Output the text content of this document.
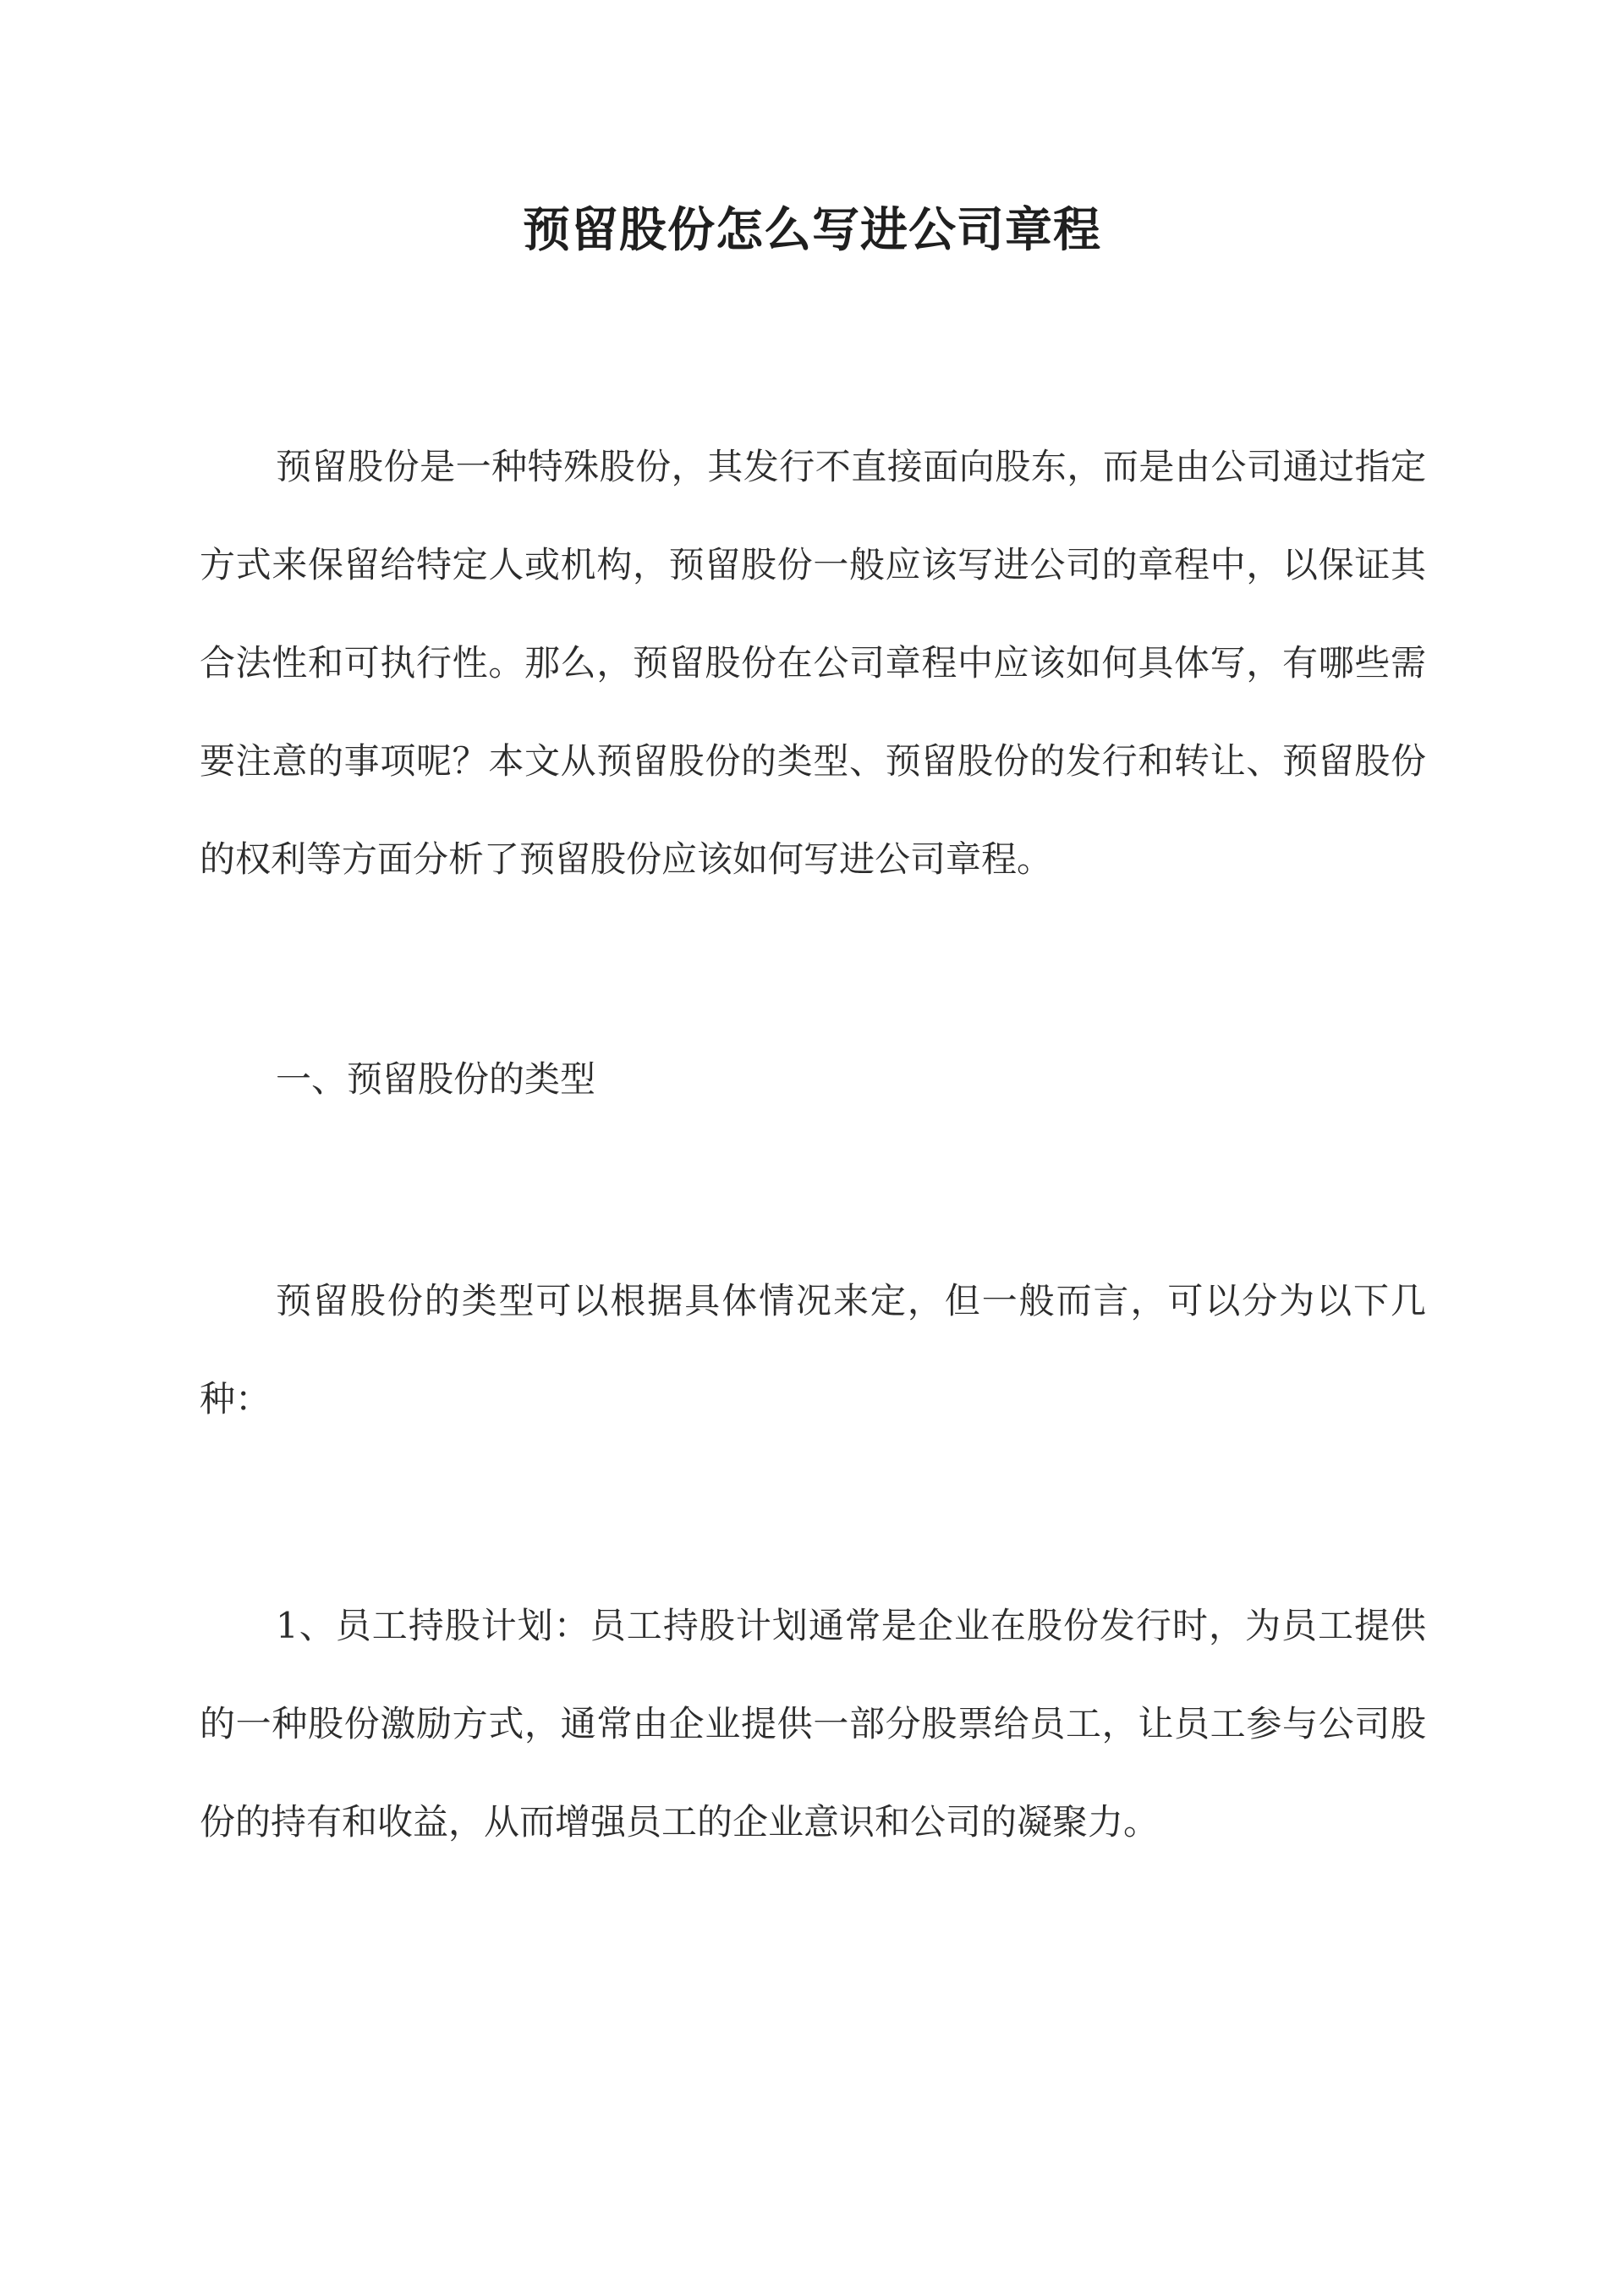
预留股份怎么写进公司章程

预留股份是一种特殊股份，其发行不直接面向股东，而是由公司通过指定方式来保留给特定人或机构，预留股份一般应该写进公司的章程中，以保证其合法性和可执行性。那么，预留股份在公司章程中应该如何具体写，有哪些需要注意的事项呢？本文从预留股份的类型、预留股份的发行和转让、预留股份的权利等方面分析了预留股份应该如何写进公司章程。

一、预留股份的类型

预留股份的类型可以根据具体情况来定，但一般而言，可以分为以下几种：

1、员工持股计划：员工持股计划通常是企业在股份发行时，为员工提供的一种股份激励方式，通常由企业提供一部分股票给员工，让员工参与公司股份的持有和收益，从而增强员工的企业意识和公司的凝聚力。
